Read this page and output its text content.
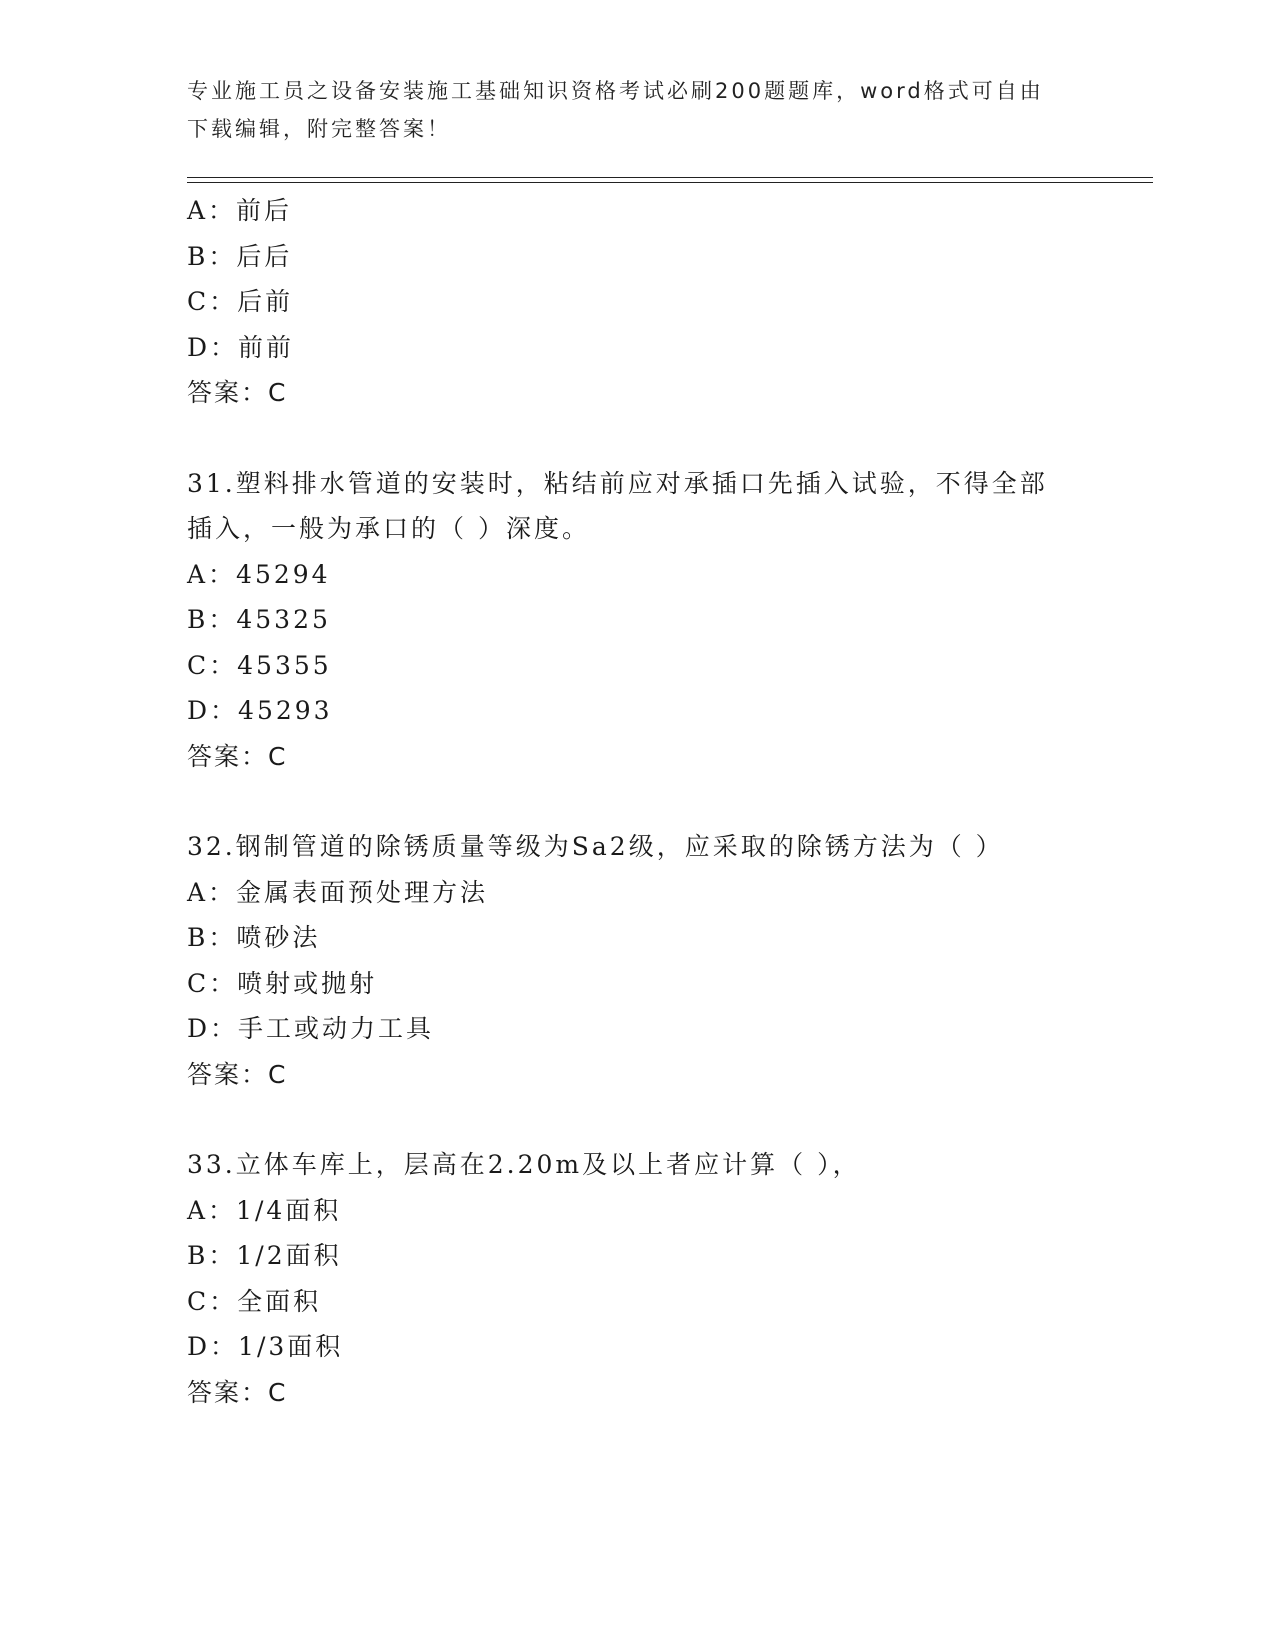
专业施工员之设备安装施工基础知识资格考试必刷200题题库，word格式可自由下载编辑，附完整答案！
A：前后
B：后后
C：后前
D：前前
答案：C
31.塑料排水管道的安装时，粘结前应对承插口先插入试验，不得全部插入，一般为承口的（ ）深度。
A：45294
B：45325
C：45355
D：45293
答案：C
32.钢制管道的除锈质量等级为Sa2级，应采取的除锈方法为（ ）
A：金属表面预处理方法
B：喷砂法
C：喷射或抛射
D：手工或动力工具
答案：C
33.立体车库上，层高在2.20m及以上者应计算（ ），
A：1/4面积
B：1/2面积
C：全面积
D：1/3面积
答案：C
